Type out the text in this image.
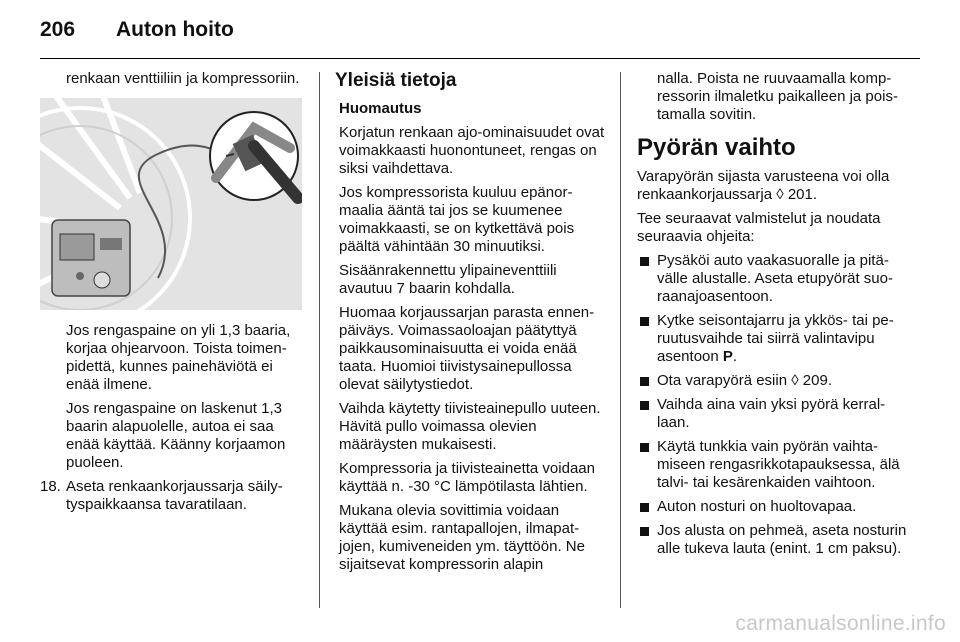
206	Auton hoito

renkaan venttiiliin ja kompressoriin.

Jos rengaspaine on yli 1,3 baaria, korjaa ohjearvoon. Toista toimenpidettä, kunnes painehäviötä ei enää ilmene.

Jos rengaspaine on laskenut 1,3 baarin alapuolelle, autoa ei saa enää käyttää. Käänny korjaamon puoleen.

18. Aseta renkaankorjaussarja säilytyspaikkaansa tavaratilaan.
Yleisiä tietoja

Huomautus

Korjatun renkaan ajo-ominaisuudet ovat voimakkaasti huonontuneet, rengas on siksi vaihdettava.

Jos kompressorista kuuluu epänormaalia ääntä tai jos se kuumenee voimakkaasti, se on kytkettävä pois päältä vähintään 30 minuutiksi.

Sisäänrakennettu ylipaineventtiili avautuu 7 baarin kohdalla.

Huomaa korjaussarjan parasta ennen-päiväys. Voimassaoloajan päätyttyä paikkausominaisuutta ei voida enää taata. Huomioi tiivistysainepullossa olevat säilytystiedot.

Vaihda käytetty tiivisteainepullo uuteen. Hävitä pullo voimassa olevien määräysten mukaisesti.

Kompressoria ja tiivisteainetta voidaan käyttää n. -30 °C lämpötilasta lähtien.

Mukana olevia sovittimia voidaan käyttää esim. rantapallojen, ilmapatjojen, kumiveneiden ym. täyttöön. Ne sijaitsevat kompressorin alapin

nalla. Poista ne ruuvaamalla kompressorin ilmaletku paikalleen ja poistamalla sovitin.

Pyörän vaihto

Varapyörän sijasta varusteena voi olla renkaankorjaussarja ◊ 201.

Tee seuraavat valmistelut ja noudata seuraavia ohjeita:

Pysäköi auto vaakasuoralle ja pitävälle alustalle. Aseta etupyörät suoraanajoasentoon.
Kytke seisontajarru ja ykkös- tai peruutusvaihde tai siirrä valintavipu asentoon P.
Ota varapyörä esiin ◊ 209.
Vaihda aina vain yksi pyörä kerrallaan.
Käytä tunkkia vain pyörän vaihtamiseen rengasrikkotapauksessa, älä talvi- tai kesärenkaiden vaihtoon.
Auton nosturi on huoltovapaa.
Jos alusta on pehmeä, aseta nosturin alle tukeva lauta (enint. 1 cm paksu).
carmanualsonline.info
